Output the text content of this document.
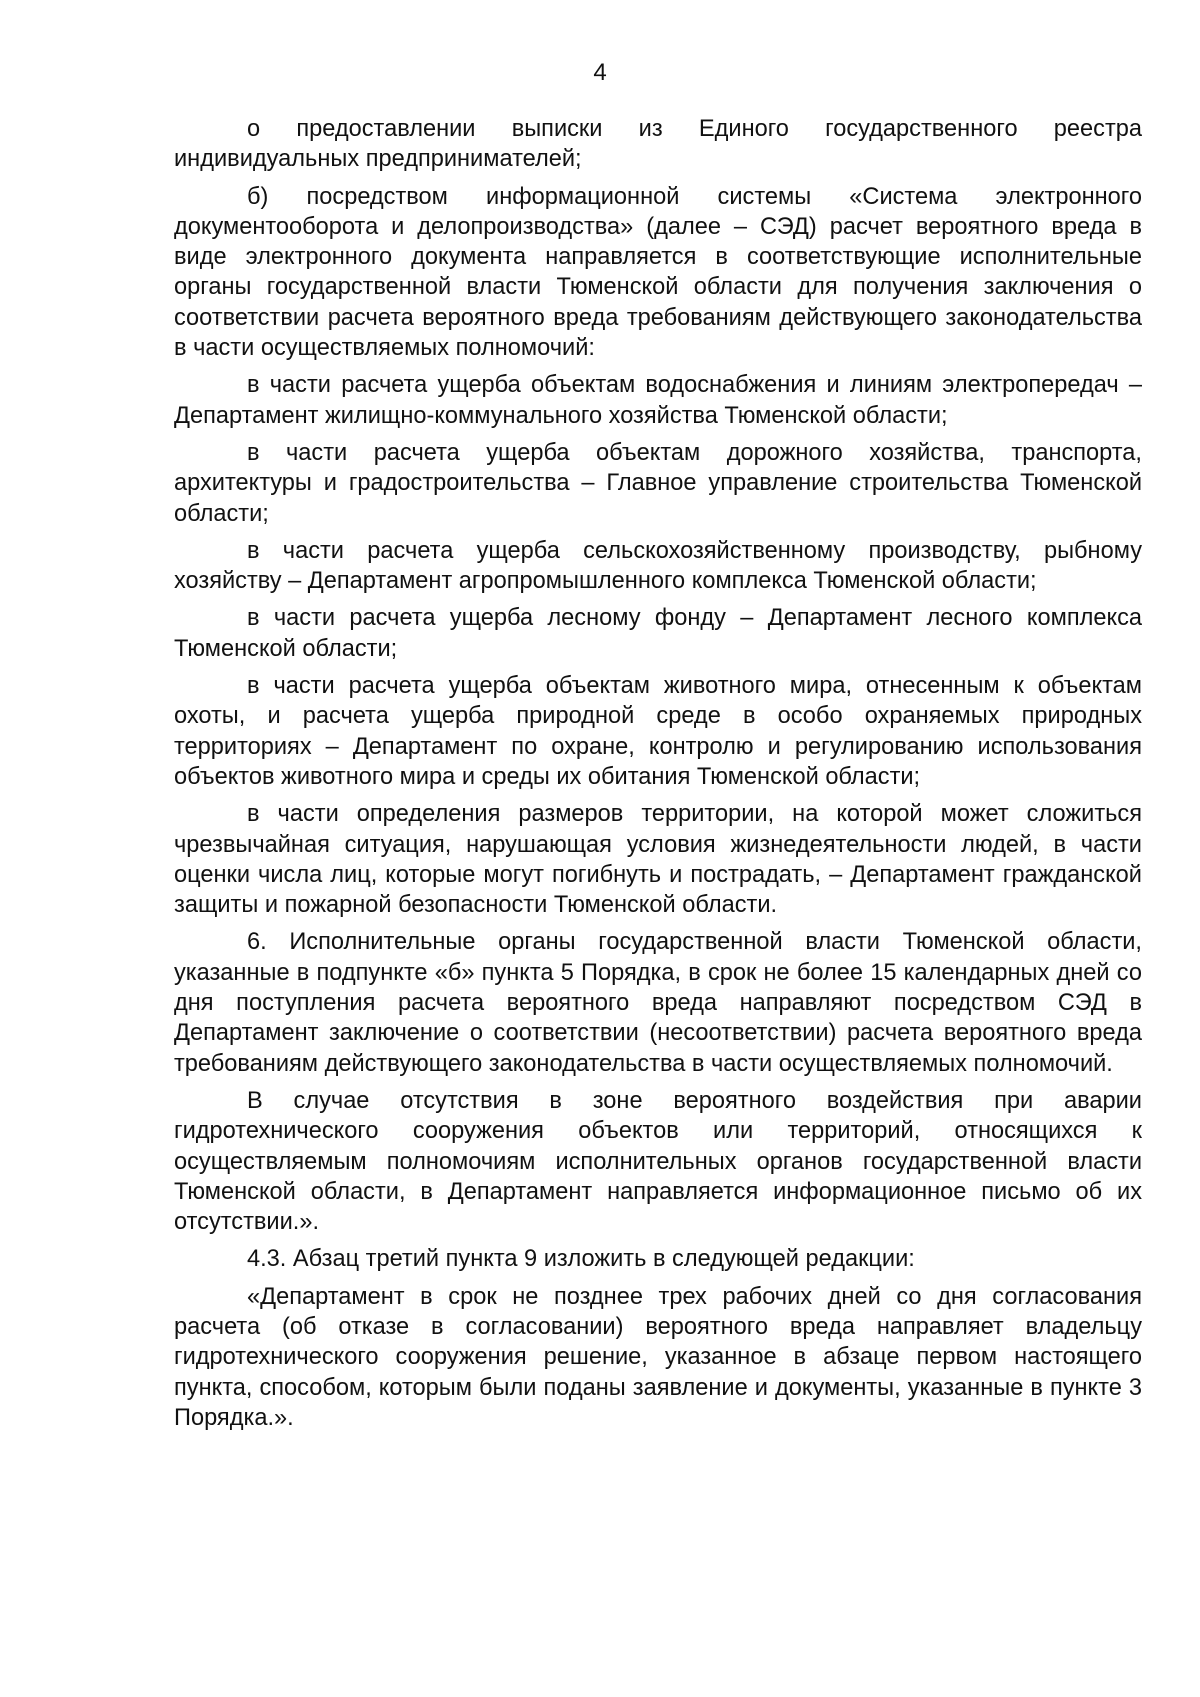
4

о предоставлении выписки из Единого государственного реестра индивидуальных предпринимателей;

б) посредством информационной системы «Система электронного документооборота и делопроизводства» (далее – СЭД) расчет вероятного вреда в виде электронного документа направляется в соответствующие исполнительные органы государственной власти Тюменской области для получения заключения о соответствии расчета вероятного вреда требованиям действующего законодательства в части осуществляемых полномочий:

в части расчета ущерба объектам водоснабжения и линиям электропередач – Департамент жилищно-коммунального хозяйства Тюменской области;

в части расчета ущерба объектам дорожного хозяйства, транспорта, архитектуры и градостроительства – Главное управление строительства Тюменской области;

в части расчета ущерба сельскохозяйственному производству, рыбному хозяйству – Департамент агропромышленного комплекса Тюменской области;

в части расчета ущерба лесному фонду – Департамент лесного комплекса Тюменской области;

в части расчета ущерба объектам животного мира, отнесенным к объектам охоты, и расчета ущерба природной среде в особо охраняемых природных территориях – Департамент по охране, контролю и регулированию использования объектов животного мира и среды их обитания Тюменской области;

в части определения размеров территории, на которой может сложиться чрезвычайная ситуация, нарушающая условия жизнедеятельности людей, в части оценки числа лиц, которые могут погибнуть и пострадать, – Департамент гражданской защиты и пожарной безопасности Тюменской области.

6. Исполнительные органы государственной власти Тюменской области, указанные в подпункте «б» пункта 5 Порядка, в срок не более 15 календарных дней со дня поступления расчета вероятного вреда направляют посредством СЭД в Департамент заключение о соответствии (несоответствии) расчета вероятного вреда требованиям действующего законодательства в части осуществляемых полномочий.

В случае отсутствия в зоне вероятного воздействия при аварии гидротехнического сооружения объектов или территорий, относящихся к осуществляемым полномочиям исполнительных органов государственной власти Тюменской области, в Департамент направляется информационное письмо об их отсутствии.».

4.3. Абзац третий пункта 9 изложить в следующей редакции:

«Департамент в срок не позднее трех рабочих дней со дня согласования расчета (об отказе в согласовании) вероятного вреда направляет владельцу гидротехнического сооружения решение, указанное в абзаце первом настоящего пункта, способом, которым были поданы заявление и документы, указанные в пункте 3 Порядка.».
